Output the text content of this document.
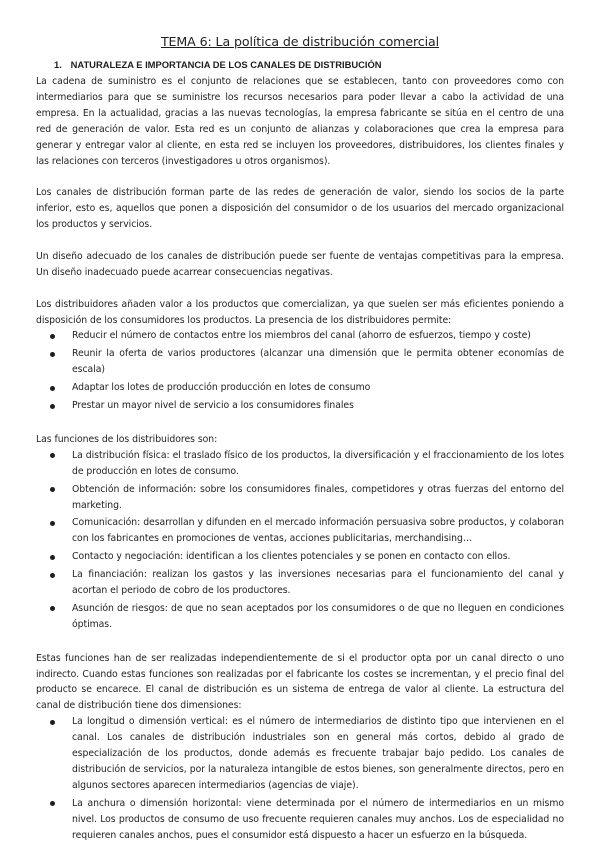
TEMA 6: La política de distribución comercial
1. NATURALEZA E IMPORTANCIA DE LOS CANALES DE DISTRIBUCIÓN

La cadena de suministro es el conjunto de relaciones que se establecen, tanto con proveedores como con intermediarios para que se suministre los recursos necesarios para poder llevar a cabo la actividad de una empresa. En la actualidad, gracias a las nuevas tecnologías, la empresa fabricante se sitúa en el centro de una red de generación de valor. Esta red es un conjunto de alianzas y colaboraciones que crea la empresa para generar y entregar valor al cliente, en esta red se incluyen los proveedores, distribuidores, los clientes finales y las relaciones con terceros (investigadores u otros organismos).

Los canales de distribución forman parte de las redes de generación de valor, siendo los socios de la parte inferior, esto es, aquellos que ponen a disposición del consumidor o de los usuarios del mercado organizacional los productos y servicios.

Un diseño adecuado de los canales de distribución puede ser fuente de ventajas competitivas para la empresa. Un diseño inadecuado puede acarrear consecuencias negativas.

Los distribuidores añaden valor a los productos que comercializan, ya que suelen ser más eficientes poniendo a disposición de los consumidores los productos. La presencia de los distribuidores permite:

Reducir el número de contactos entre los miembros del canal (ahorro de esfuerzos, tiempo y coste)
Reunir la oferta de varios productores (alcanzar una dimensión que le permita obtener economías de escala)
Adaptar los lotes de producción producción en lotes de consumo
Prestar un mayor nivel de servicio a los consumidores finales

Las funciones de los distribuidores son:

La distribución física: el traslado físico de los productos, la diversificación y el fraccionamiento de los lotes de producción en lotes de consumo.
Obtención de información: sobre los consumidores finales, competidores y otras fuerzas del entorno del marketing.
Comunicación: desarrollan y difunden en el mercado información persuasiva sobre productos, y colaboran con los fabricantes en promociones de ventas, acciones publicitarias, merchandising…
Contacto y negociación: identifican a los clientes potenciales y se ponen en contacto con ellos.
La financiación: realizan los gastos y las inversiones necesarias para el funcionamiento del canal y acortan el periodo de cobro de los productores.
Asunción de riesgos: de que no sean aceptados por los consumidores o de que no lleguen en condiciones óptimas.

Estas funciones han de ser realizadas independientemente de si el productor opta por un canal directo o uno indirecto. Cuando estas funciones son realizadas por el fabricante los costes se incrementan, y el precio final del producto se encarece. El canal de distribución es un sistema de entrega de valor al cliente. La estructura del canal de distribución tiene dos dimensiones:

La longitud o dimensión vertical: es el número de intermediarios de distinto tipo que intervienen en el canal. Los canales de distribución industriales son en general más cortos, debido al grado de especialización de los productos, donde además es frecuente trabajar bajo pedido. Los canales de distribución de servicios, por la naturaleza intangible de estos bienes, son generalmente directos, pero en algunos sectores aparecen intermediarios (agencias de viaje).
La anchura o dimensión horizontal: viene determinada por el número de intermediarios en un mismo nivel. Los productos de consumo de uso frecuente requieren canales muy anchos. Los de especialidad no requieren canales anchos, pues el consumidor está dispuesto a hacer un esfuerzo en la búsqueda.
